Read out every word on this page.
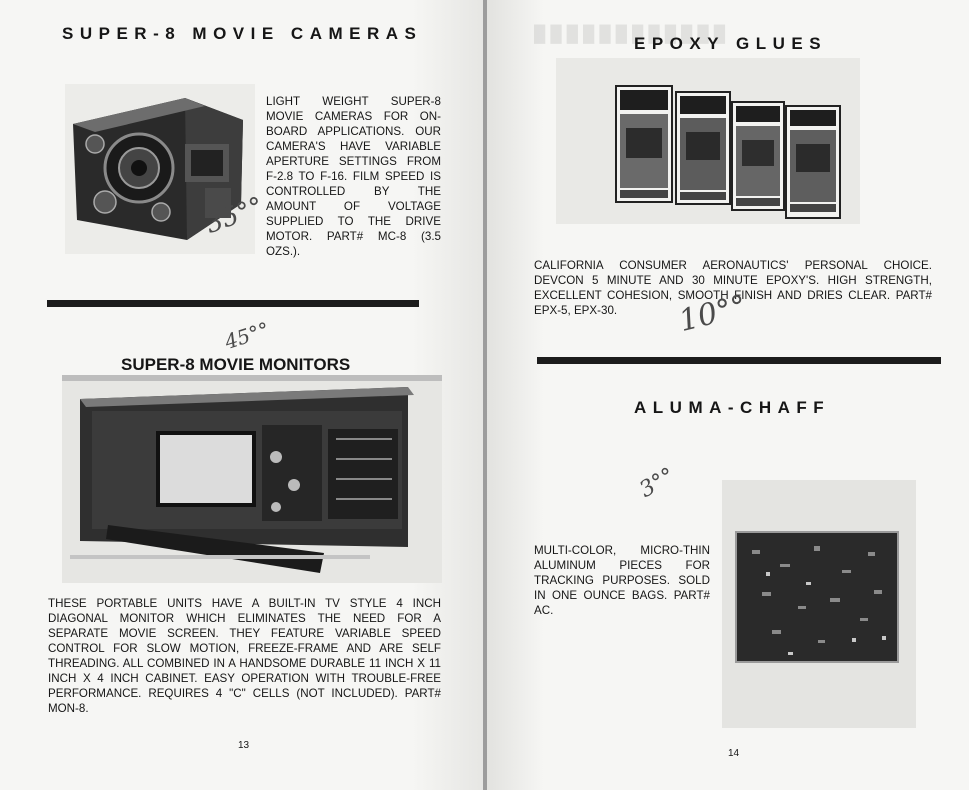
████████████
SUPER-8 MOVIE CAMERAS
LIGHT WEIGHT SUPER-8 MOVIE CAMERAS FOR ON-BOARD APPLICATIONS. OUR CAMERA'S HAVE VARIABLE APERTURE SETTINGS FROM F-2.8 TO F-16. FILM SPEED IS CONTROLLED BY THE AMOUNT OF VOLTAGE SUPPLIED TO THE DRIVE MOTOR. PART# MC-8 (3.5 OZS.).
35°°
45°°
SUPER-8 MOVIE MONITORS
THESE PORTABLE UNITS HAVE A BUILT-IN TV STYLE 4 INCH DIAGONAL MONITOR WHICH ELIMINATES THE NEED FOR A SEPARATE MOVIE SCREEN. THEY FEATURE VARIABLE SPEED CONTROL FOR SLOW MOTION, FREEZE-FRAME AND ARE SELF THREADING. ALL COMBINED IN A HANDSOME DURABLE 11 INCH X 11 INCH X 4 INCH CABINET. EASY OPERATION WITH TROUBLE-FREE PERFORMANCE. REQUIRES 4 "C" CELLS (NOT INCLUDED). PART# MON-8.
13
EPOXY GLUES
CALIFORNIA CONSUMER AERONAUTICS' PERSONAL CHOICE. DEVCON 5 MINUTE AND 30 MINUTE EPOXY'S. HIGH STRENGTH, EXCELLENT COHESION, SMOOTH FINISH AND DRIES CLEAR. PART# EPX-5, EPX-30.	10°°
ALUMA-CHAFF
3°°
MULTI-COLOR, MICRO-THIN ALUMINUM PIECES FOR TRACKING PURPOSES. SOLD IN ONE OUNCE BAGS. PART# AC.
14
